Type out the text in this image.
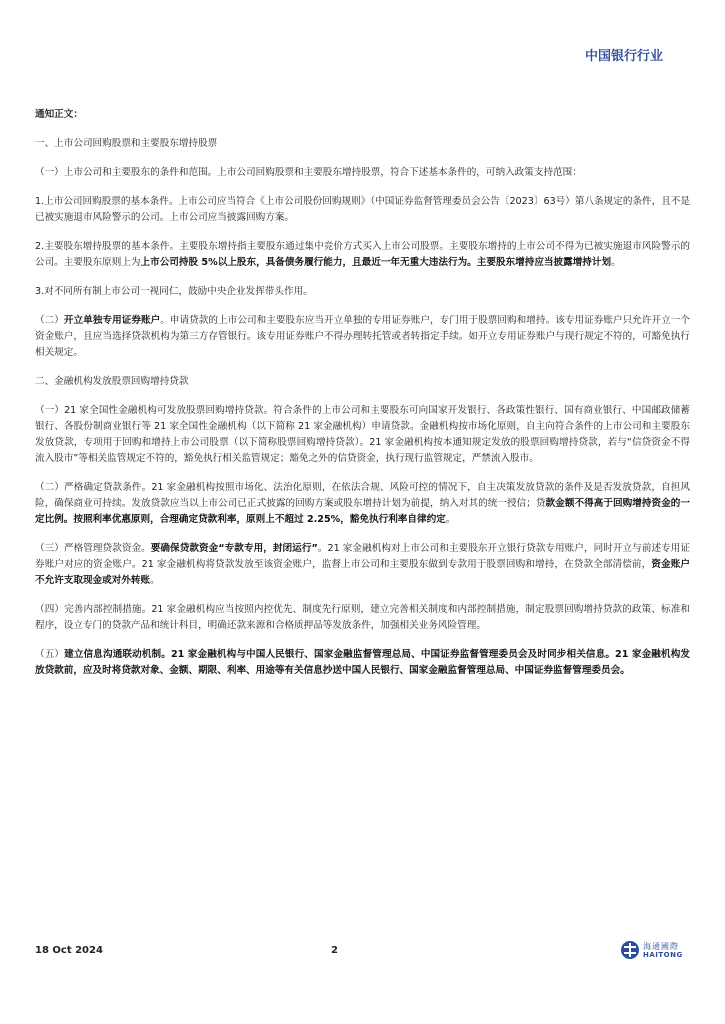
中国银行行业

通知正文：

一、上市公司回购股票和主要股东增持股票

（一）上市公司和主要股东的条件和范围。上市公司回购股票和主要股东增持股票，符合下述基本条件的，可纳入政策支持范围：

1.上市公司回购股票的基本条件。上市公司应当符合《上市公司股份回购规则》（中国证券监督管理委员会公告〔2023〕63号）第八条规定的条件，且不是已被实施退市风险警示的公司。上市公司应当披露回购方案。

2.主要股东增持股票的基本条件。主要股东增持指主要股东通过集中竞价方式买入上市公司股票。主要股东增持的上市公司不得为已被实施退市风险警示的公司。主要股东原则上为上市公司持股 5%以上股东，具备债务履行能力，且最近一年无重大违法行为。主要股东增持应当披露增持计划。

3.对不同所有制上市公司一视同仁，鼓励中央企业发挥带头作用。

（二）开立单独专用证券账户。申请贷款的上市公司和主要股东应当开立单独的专用证券账户，专门用于股票回购和增持。该专用证券账户只允许开立一个资金账户，且应当选择贷款机构为第三方存管银行。该专用证券账户不得办理转托管或者转指定手续。如开立专用证券账户与现行规定不符的，可豁免执行相关规定。

二、金融机构发放股票回购增持贷款

（一）21 家全国性金融机构可发放股票回购增持贷款。符合条件的上市公司和主要股东可向国家开发银行、各政策性银行、国有商业银行、中国邮政储蓄银行、各股份制商业银行等 21 家全国性金融机构（以下简称 21 家金融机构）申请贷款。金融机构按市场化原则，自主向符合条件的上市公司和主要股东发放贷款，专项用于回购和增持上市公司股票（以下简称股票回购增持贷款）。21 家金融机构按本通知规定发放的股票回购增持贷款，若与“信贷资金不得流入股市”等相关监管规定不符的，豁免执行相关监管规定；豁免之外的信贷资金，执行现行监管规定，严禁流入股市。

（二）严格确定贷款条件。21 家金融机构按照市场化、法治化原则，在依法合规、风险可控的情况下，自主决策发放贷款的条件及是否发放贷款，自担风险，确保商业可持续。发放贷款应当以上市公司已正式披露的回购方案或股东增持计划为前提，纳入对其的统一授信；贷款金额不得高于回购增持资金的一定比例。按照利率优惠原则，合理确定贷款利率，原则上不超过 2.25%，豁免执行利率自律约定。

（三）严格管理贷款资金。要确保贷款资金“专款专用，封闭运行”。21 家金融机构对上市公司和主要股东开立银行贷款专用账户，同时开立与前述专用证券账户对应的资金账户。21 家金融机构将贷款发放至该资金账户，监督上市公司和主要股东做到专款用于股票回购和增持，在贷款全部清偿前，资金账户不允许支取现金或对外转账。

（四）完善内部控制措施。21 家金融机构应当按照内控优先、制度先行原则，建立完善相关制度和内部控制措施，制定股票回购增持贷款的政策、标准和程序，设立专门的贷款产品和统计科目，明确还款来源和合格质押品等发放条件，加强相关业务风险管理。

（五）建立信息沟通联动机制。21 家金融机构与中国人民银行、国家金融监督管理总局、中国证券监督管理委员会及时同步相关信息。21 家金融机构发放贷款前，应及时将贷款对象、金额、期限、利率、用途等有关信息抄送中国人民银行、国家金融监督管理总局、中国证券监督管理委员会。

18 Oct 2024	2	海通國際
HAITONG
